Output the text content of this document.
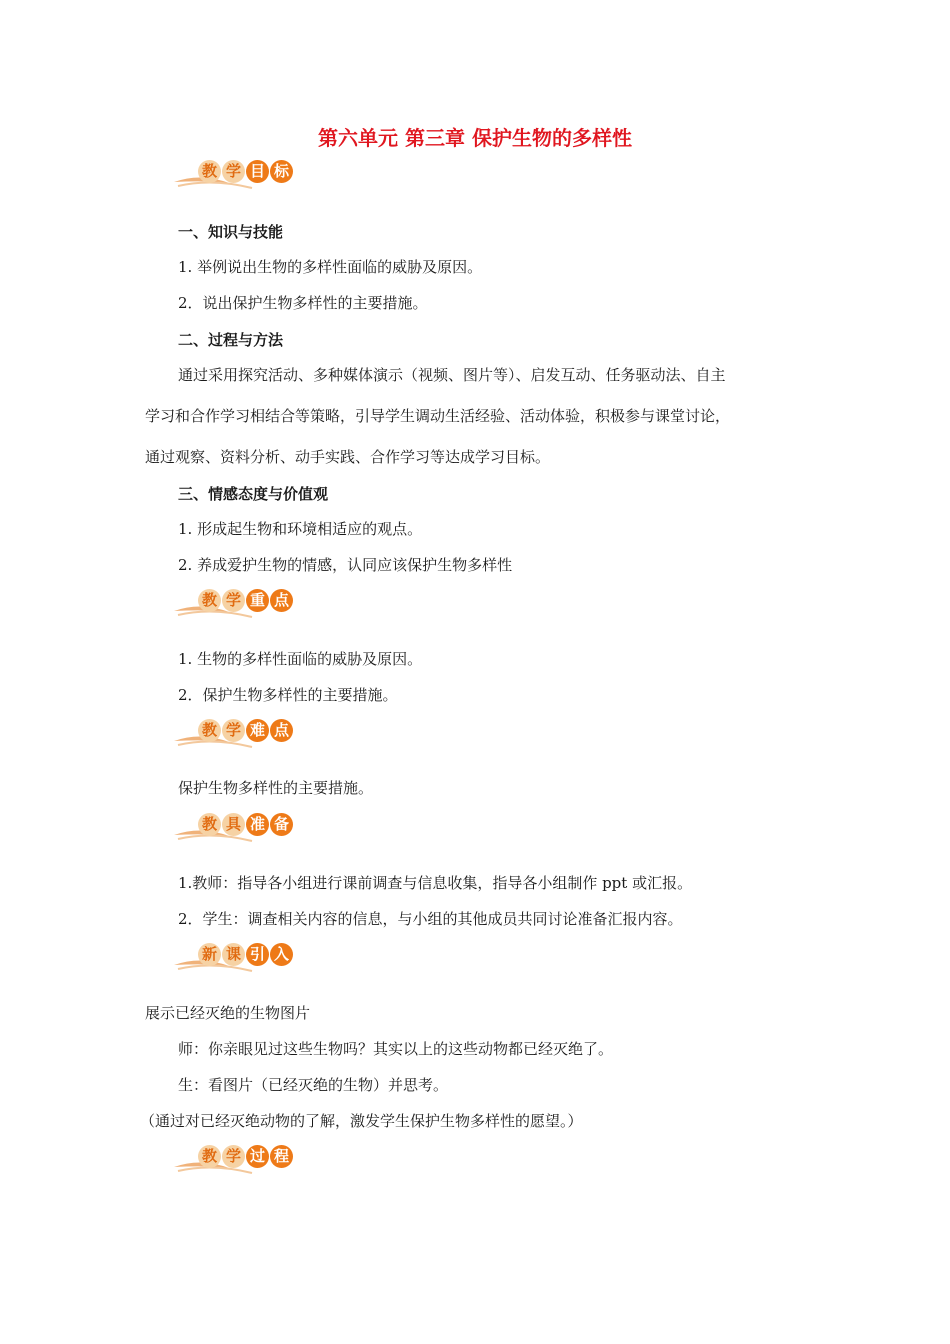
第六单元 第三章 保护生物的多样性
教 学 目 标
一、知识与技能
1. 举例说出生物的多样性面临的威胁及原因。
2．说出保护生物多样性的主要措施。
二、过程与方法
通过采用探究活动、多种媒体演示（视频、图片等）、启发互动、任务驱动法、自主
学习和合作学习相结合等策略，引导学生调动生活经验、活动体验，积极参与课堂讨论，
通过观察、资料分析、动手实践、合作学习等达成学习目标。
三、情感态度与价值观
1. 形成起生物和环境相适应的观点。
2. 养成爱护生物的情感，认同应该保护生物多样性
教 学 重 点
1. 生物的多样性面临的威胁及原因。
2．保护生物多样性的主要措施。
教 学 难 点
保护生物多样性的主要措施。
教 具 准 备
1.教师：指导各小组进行课前调查与信息收集，指导各小组制作 ppt 或汇报。
2．学生：调查相关内容的信息，与小组的其他成员共同讨论准备汇报内容。
新 课 引 入
展示已经灭绝的生物图片
师：你亲眼见过这些生物吗？其实以上的这些动物都已经灭绝了。
生：看图片（已经灭绝的生物）并思考。
（通过对已经灭绝动物的了解，激发学生保护生物多样性的愿望。）
教 学 过 程
